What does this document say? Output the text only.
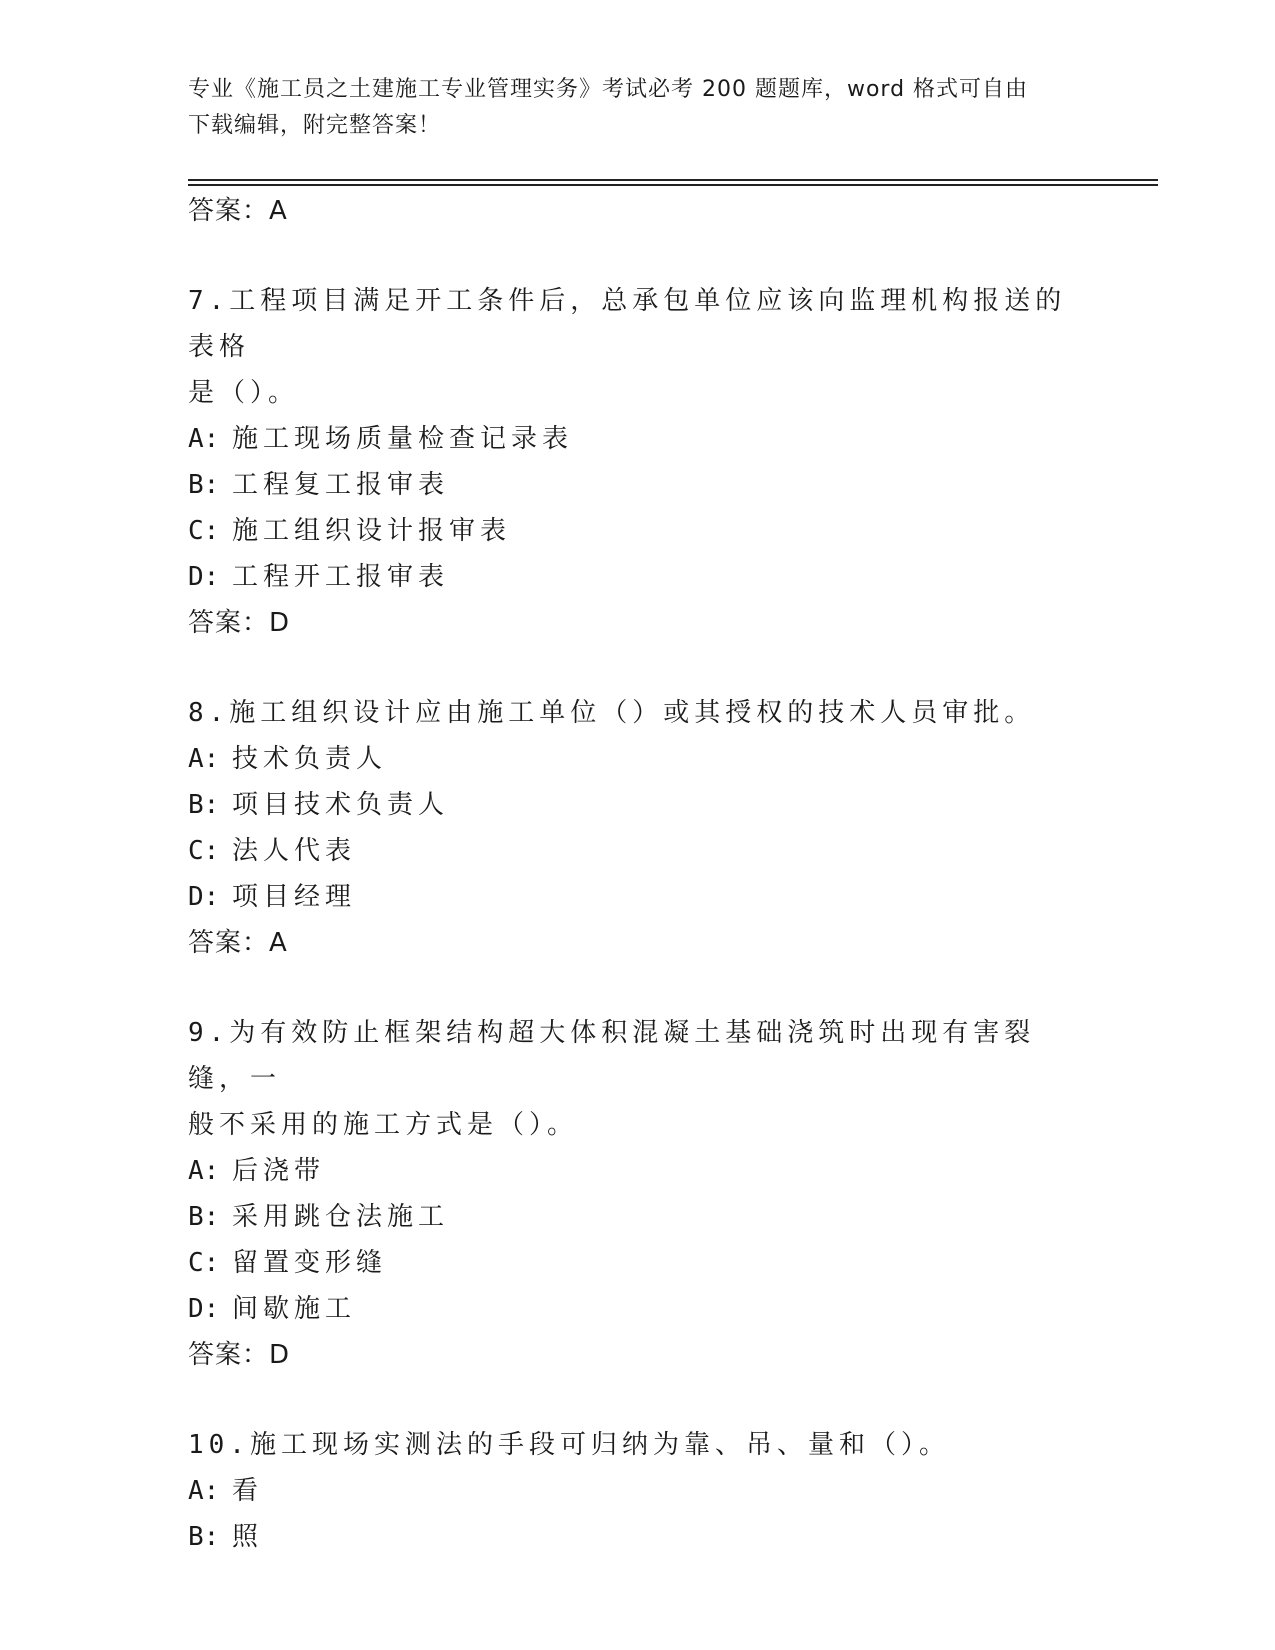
专业《施工员之土建施工专业管理实务》考试必考 200 题题库，word 格式可自由
下载编辑，附完整答案！
答案：A
7.工程项目满足开工条件后，总承包单位应该向监理机构报送的表格
是（）。
A: 施工现场质量检查记录表
B: 工程复工报审表
C: 施工组织设计报审表
D: 工程开工报审表
答案：D
8.施工组织设计应由施工单位（）或其授权的技术人员审批。
A: 技术负责人
B: 项目技术负责人
C: 法人代表
D: 项目经理
答案：A
9.为有效防止框架结构超大体积混凝土基础浇筑时出现有害裂缝，一
般不采用的施工方式是（）。
A: 后浇带
B: 采用跳仓法施工
C: 留置变形缝
D: 间歇施工
答案：D
10.施工现场实测法的手段可归纳为靠、吊、量和（）。
A: 看
B: 照
